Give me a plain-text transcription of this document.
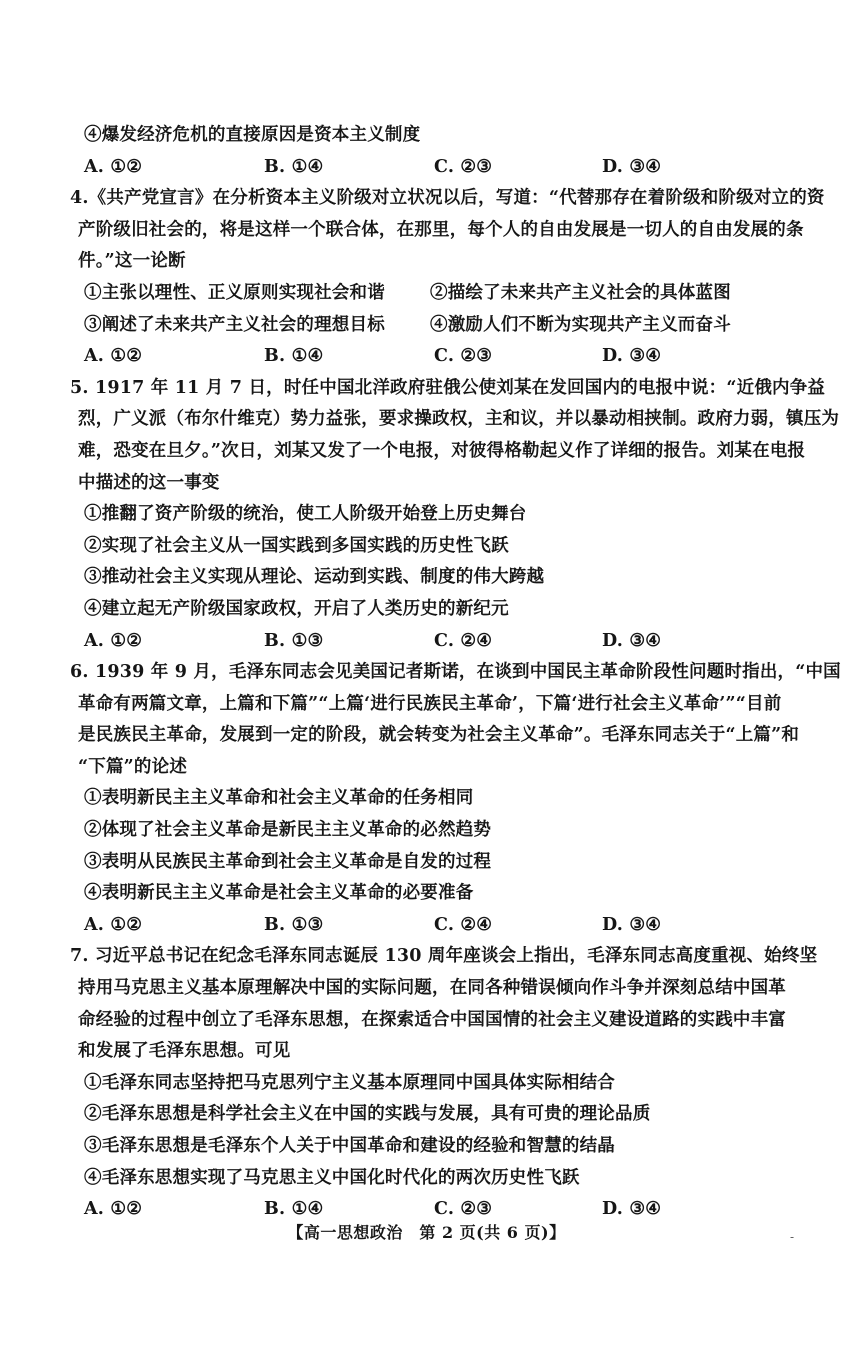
④爆发经济危机的直接原因是资本主义制度
A. ①②	B. ①④	C. ②③	D. ③④
4.《共产党宣言》在分析资本主义阶级对立状况以后，写道：“代替那存在着阶级和阶级对立的资
产阶级旧社会的，将是这样一个联合体，在那里，每个人的自由发展是一切人的自由发展的条
件。”这一论断
①主张以理性、正义原则实现社会和谐	②描绘了未来共产主义社会的具体蓝图
③阐述了未来共产主义社会的理想目标	④激励人们不断为实现共产主义而奋斗
A. ①②	B. ①④	C. ②③	D. ③④
5. 1917 年 11 月 7 日，时任中国北洋政府驻俄公使刘某在发回国内的电报中说：“近俄内争益
烈，广义派（布尔什维克）势力益张，要求操政权，主和议，并以暴动相挟制。政府力弱，镇压为
难，恐变在旦夕。”次日，刘某又发了一个电报，对彼得格勒起义作了详细的报告。刘某在电报
中描述的这一事变
①推翻了资产阶级的统治，使工人阶级开始登上历史舞台
②实现了社会主义从一国实践到多国实践的历史性飞跃
③推动社会主义实现从理论、运动到实践、制度的伟大跨越
④建立起无产阶级国家政权，开启了人类历史的新纪元
A. ①②	B. ①③	C. ②④	D. ③④
6. 1939 年 9 月，毛泽东同志会见美国记者斯诺，在谈到中国民主革命阶段性问题时指出，“中国
革命有两篇文章，上篇和下篇”“上篇‘进行民族民主革命’，下篇‘进行社会主义革命’”“目前
是民族民主革命，发展到一定的阶段，就会转变为社会主义革命”。毛泽东同志关于“上篇”和
“下篇”的论述
①表明新民主主义革命和社会主义革命的任务相同
②体现了社会主义革命是新民主主义革命的必然趋势
③表明从民族民主革命到社会主义革命是自发的过程
④表明新民主主义革命是社会主义革命的必要准备
A. ①②	B. ①③	C. ②④	D. ③④
7. 习近平总书记在纪念毛泽东同志诞辰 130 周年座谈会上指出，毛泽东同志高度重视、始终坚
持用马克思主义基本原理解决中国的实际问题，在同各种错误倾向作斗争并深刻总结中国革
命经验的过程中创立了毛泽东思想，在探索适合中国国情的社会主义建设道路的实践中丰富
和发展了毛泽东思想。可见
①毛泽东同志坚持把马克思列宁主义基本原理同中国具体实际相结合
②毛泽东思想是科学社会主义在中国的实践与发展，具有可贵的理论品质
③毛泽东思想是毛泽东个人关于中国革命和建设的经验和智慧的结晶
④毛泽东思想实现了马克思主义中国化时代化的两次历史性飞跃
A. ①②	B. ①④	C. ②③	D. ③④
【高一思想政治　第 2 页(共 6 页)】	-
